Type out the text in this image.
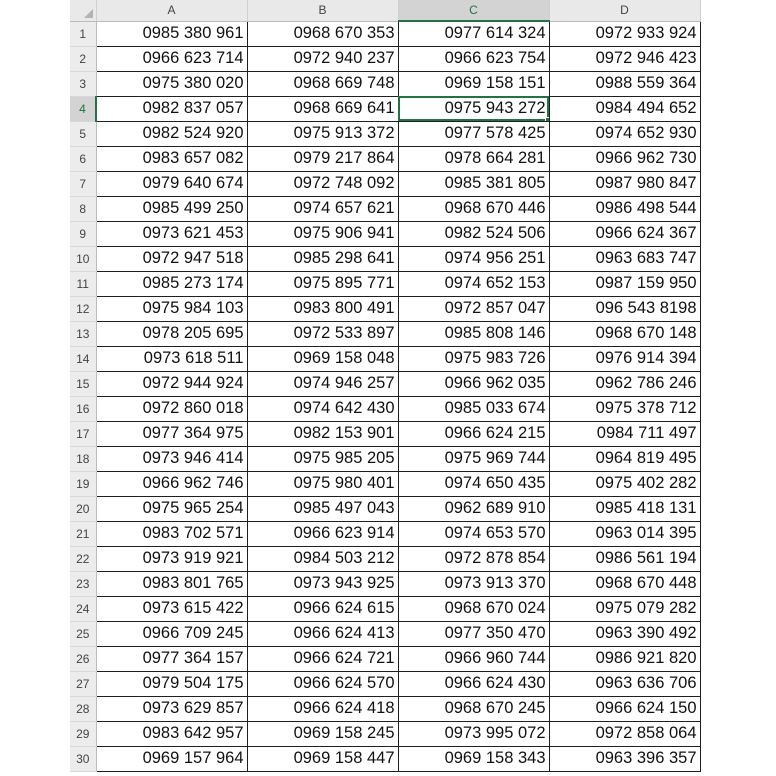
	A	B	C	D
1	0985 380 961	0968 670 353	0977 614 324	0972 933 924
2	0966 623 714	0972 940 237	0966 623 754	0972 946 423
3	0975 380 020	0968 669 748	0969 158 151	0988 559 364
4	0982 837 057	0968 669 641	0975 943 272	0984 494 652
5	0982 524 920	0975 913 372	0977 578 425	0974 652 930
6	0983 657 082	0979 217 864	0978 664 281	0966 962 730
7	0979 640 674	0972 748 092	0985 381 805	0987 980 847
8	0985 499 250	0974 657 621	0968 670 446	0986 498 544
9	0973 621 453	0975 906 941	0982 524 506	0966 624 367
10	0972 947 518	0985 298 641	0974 956 251	0963 683 747
11	0985 273 174	0975 895 771	0974 652 153	0987 159 950
12	0975 984 103	0983 800 491	0972 857 047	096 543 8198
13	0978 205 695	0972 533 897	0985 808 146	0968 670 148
14	0973 618 511	0969 158 048	0975 983 726	0976 914 394
15	0972 944 924	0974 946 257	0966 962 035	0962 786 246
16	0972 860 018	0974 642 430	0985 033 674	0975 378 712
17	0977 364 975	0982 153 901	0966 624 215	0984 711 497
18	0973 946 414	0975 985 205	0975 969 744	0964 819 495
19	0966 962 746	0975 980 401	0974 650 435	0975 402 282
20	0975 965 254	0985 497 043	0962 689 910	0985 418 131
21	0983 702 571	0966 623 914	0974 653 570	0963 014 395
22	0973 919 921	0984 503 212	0972 878 854	0986 561 194
23	0983 801 765	0973 943 925	0973 913 370	0968 670 448
24	0973 615 422	0966 624 615	0968 670 024	0975 079 282
25	0966 709 245	0966 624 413	0977 350 470	0963 390 492
26	0977 364 157	0966 624 721	0966 960 744	0986 921 820
27	0979 504 175	0966 624 570	0966 624 430	0963 636 706
28	0973 629 857	0966 624 418	0968 670 245	0966 624 150
29	0983 642 957	0969 158 245	0973 995 072	0972 858 064
30	0969 157 964	0969 158 447	0969 158 343	0963 396 357
